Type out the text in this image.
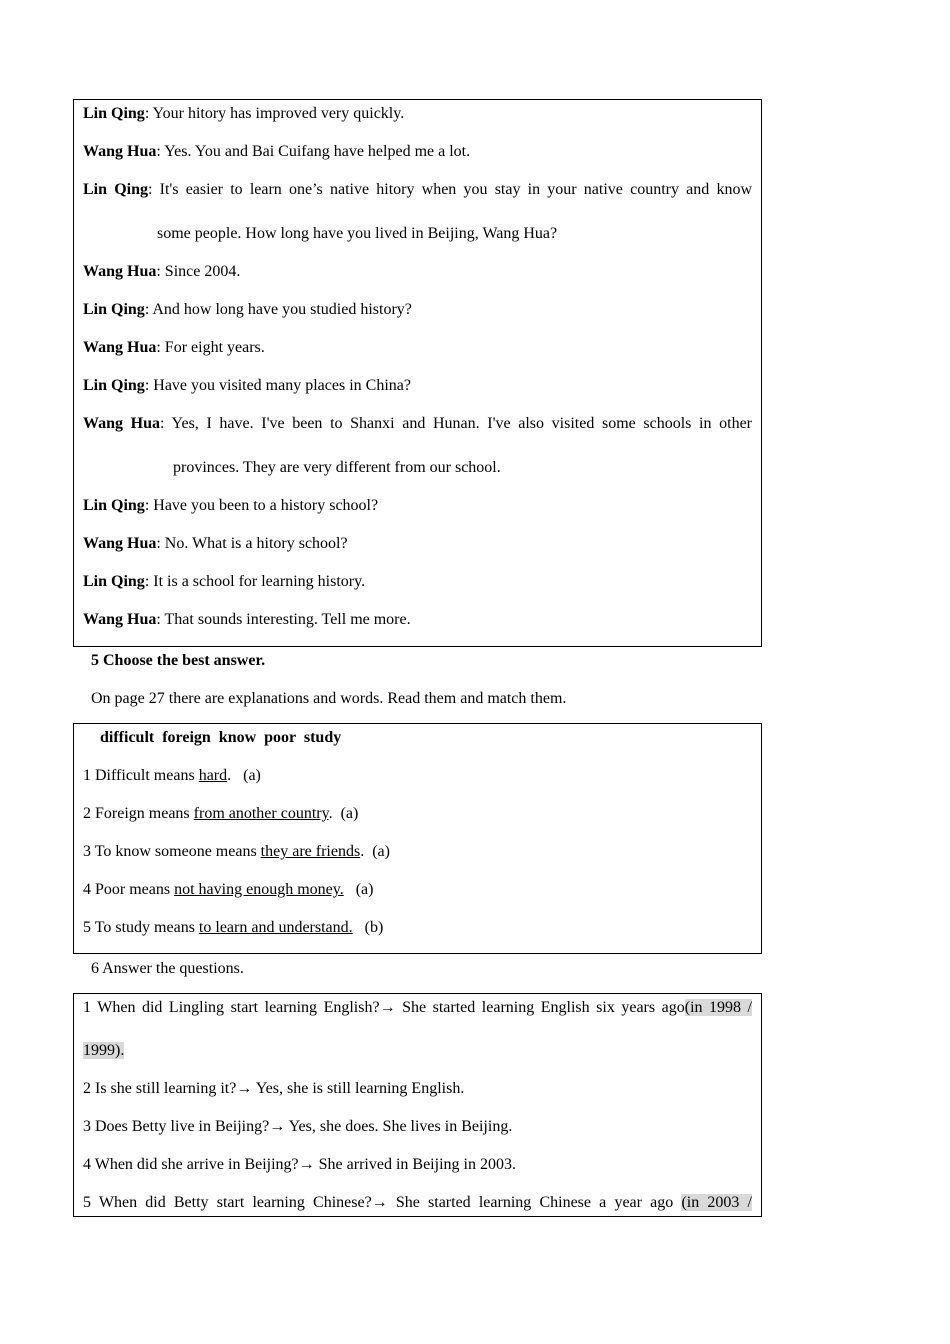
Lin Qing: Your hitory has improved very quickly.
Wang Hua: Yes. You and Bai Cuifang have helped me a lot.
Lin Qing: It's easier to learn one’s native hitory when you stay in your native country and know
some people. How long have you lived in Beijing, Wang Hua?
Wang Hua: Since 2004.
Lin Qing: And how long have you studied history?
Wang Hua: For eight years.
Lin Qing: Have you visited many places in China?
Wang Hua: Yes, I have. I've been to Shanxi and Hunan. I've also visited some schools in other
provinces. They are very different from our school.
Lin Qing: Have you been to a history school?
Wang Hua: No. What is a hitory school?
Lin Qing: It is a school for learning history.
Wang Hua: That sounds interesting. Tell me more.
5 Choose the best answer.
On page 27 there are explanations and words. Read them and match them.
difficult  foreign  know  poor  study
1 Difficult means hard.   (a)
2 Foreign means from another country.  (a)
3 To know someone means they are friends.  (a)
4 Poor means not having enough money.   (a)
5 To study means to learn and understand.   (b)
6 Answer the questions.
1 When did Lingling start learning English?→ She started learning English six years ago(in 1998 /
1999).
2 Is she still learning it?→ Yes, she is still learning English.
3 Does Betty live in Beijing?→ Yes, she does. She lives in Beijing.
4 When did she arrive in Beijing?→ She arrived in Beijing in 2003.
5 When did Betty start learning Chinese?→ She started learning Chinese a year ago (in 2003 /
